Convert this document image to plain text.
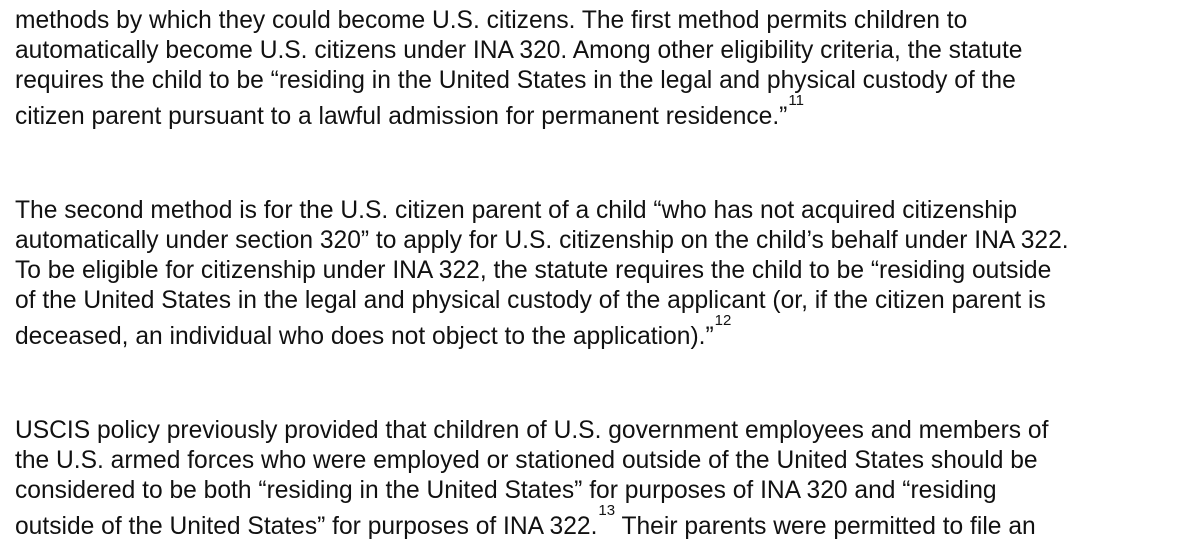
methods by which they could become U.S. citizens. The first method permits children to
automatically become U.S. citizens under INA 320. Among other eligibility criteria, the statute
requires the child to be “residing in the United States in the legal and physical custody of the
citizen parent pursuant to a lawful admission for permanent residence.”$^{11}$
The second method is for the U.S. citizen parent of a child “who has not acquired citizenship
automatically under section 320” to apply for U.S. citizenship on the child’s behalf under INA 322.
To be eligible for citizenship under INA 322, the statute requires the child to be “residing outside
of the United States in the legal and physical custody of the applicant (or, if the citizen parent is
deceased, an individual who does not object to the application).”$^{12}$
USCIS policy previously provided that children of U.S. government employees and members of
the U.S. armed forces who were employed or stationed outside of the United States should be
considered to be both “residing in the United States” for purposes of INA 320 and “residing
outside of the United States” for purposes of INA 322.13 Their parents were permitted to file an
